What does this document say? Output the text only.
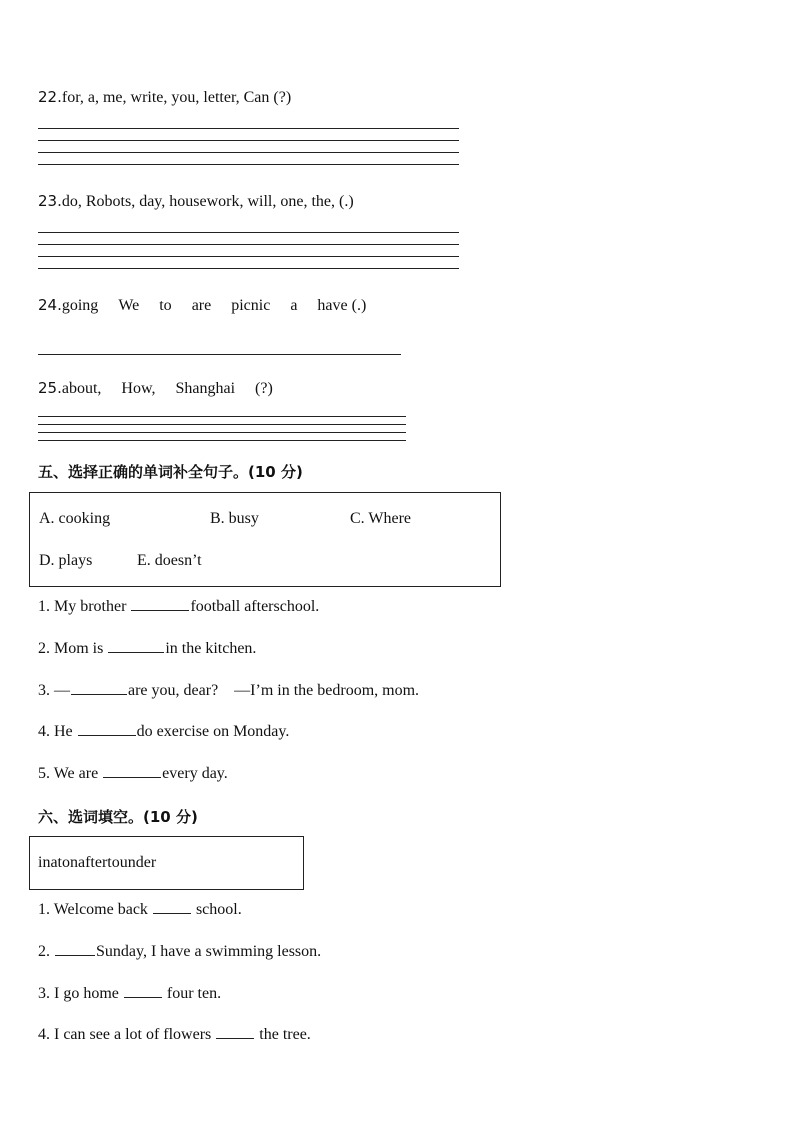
22.for, a, me, write, you, letter, Can (?)
23.do, Robots, day, housework, will, one, the, (.)
24.going We to are picnic a have (.)
25.about, How, Shanghai (?)
五、选择正确的单词补全句子。(10 分)
A. cooking	B. busy	C. Where
D. plays	E. doesn’t
1. My brother	football afterschool.
2. Mom is	in the kitchen.
3. —	are you, dear?    —I’m in the bedroom, mom.
4. He	do exercise on Monday.
5. We are	every day.
六、选词填空。(10 分)
inatonaftertounder
1. Welcome back	school.
2.	Sunday, I have a swimming lesson.
3. I go home	four ten.
4. I can see a lot of flowers	the tree.
